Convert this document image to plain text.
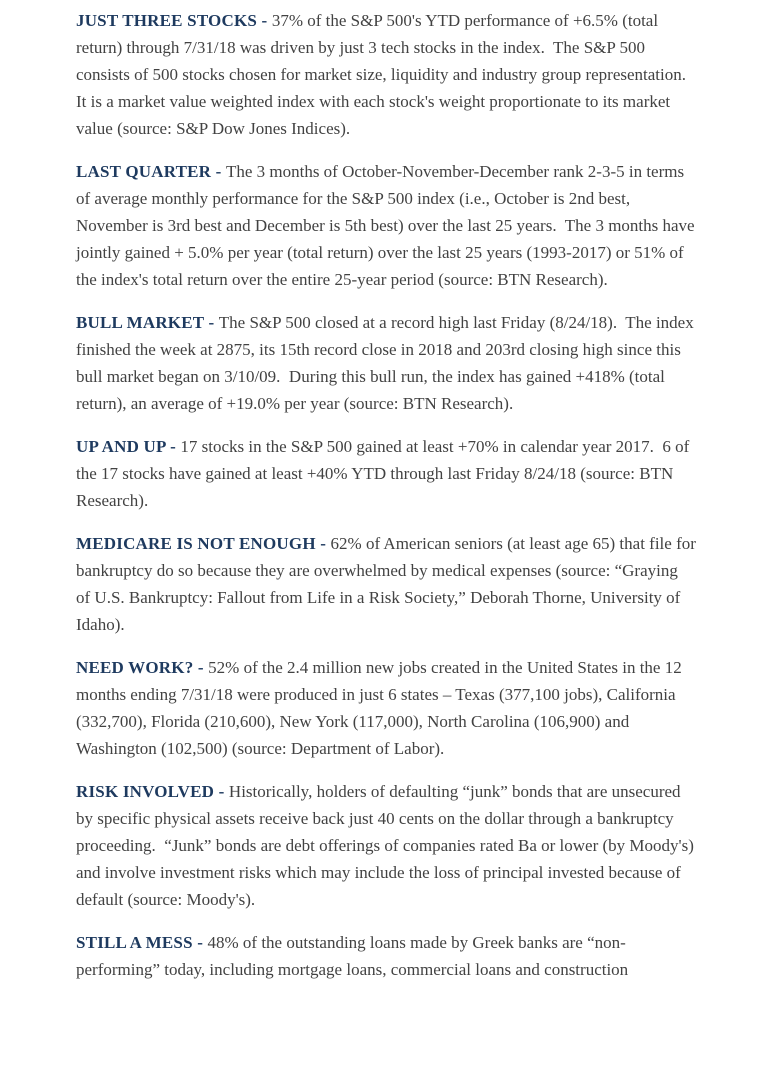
JUST THREE STOCKS - 37% of the S&P 500's YTD performance of +6.5% (total return) through 7/31/18 was driven by just 3 tech stocks in the index.  The S&P 500 consists of 500 stocks chosen for market size, liquidity and industry group representation.  It is a market value weighted index with each stock's weight proportionate to its market value (source: S&P Dow Jones Indices).

LAST QUARTER - The 3 months of October-November-December rank 2-3-5 in terms of average monthly performance for the S&P 500 index (i.e., October is 2nd best, November is 3rd best and December is 5th best) over the last 25 years.  The 3 months have jointly gained + 5.0% per year (total return) over the last 25 years (1993-2017) or 51% of the index's total return over the entire 25-year period (source: BTN Research).

BULL MARKET - The S&P 500 closed at a record high last Friday (8/24/18).  The index finished the week at 2875, its 15th record close in 2018 and 203rd closing high since this bull market began on 3/10/09.  During this bull run, the index has gained +418% (total return), an average of +19.0% per year (source: BTN Research).

UP AND UP - 17 stocks in the S&P 500 gained at least +70% in calendar year 2017.  6 of the 17 stocks have gained at least +40% YTD through last Friday 8/24/18 (source: BTN Research).

MEDICARE IS NOT ENOUGH - 62% of American seniors (at least age 65) that file for bankruptcy do so because they are overwhelmed by medical expenses (source: “Graying of U.S. Bankruptcy: Fallout from Life in a Risk Society,” Deborah Thorne, University of Idaho).

NEED WORK? - 52% of the 2.4 million new jobs created in the United States in the 12 months ending 7/31/18 were produced in just 6 states – Texas (377,100 jobs), California (332,700), Florida (210,600), New York (117,000), North Carolina (106,900) and Washington (102,500) (source: Department of Labor).

RISK INVOLVED - Historically, holders of defaulting “junk” bonds that are unsecured by specific physical assets receive back just 40 cents on the dollar through a bankruptcy proceeding.  “Junk” bonds are debt offerings of companies rated Ba or lower (by Moody's) and involve investment risks which may include the loss of principal invested because of default (source: Moody's).

STILL A MESS - 48% of the outstanding loans made by Greek banks are “non-performing” today, including mortgage loans, commercial loans and construction
